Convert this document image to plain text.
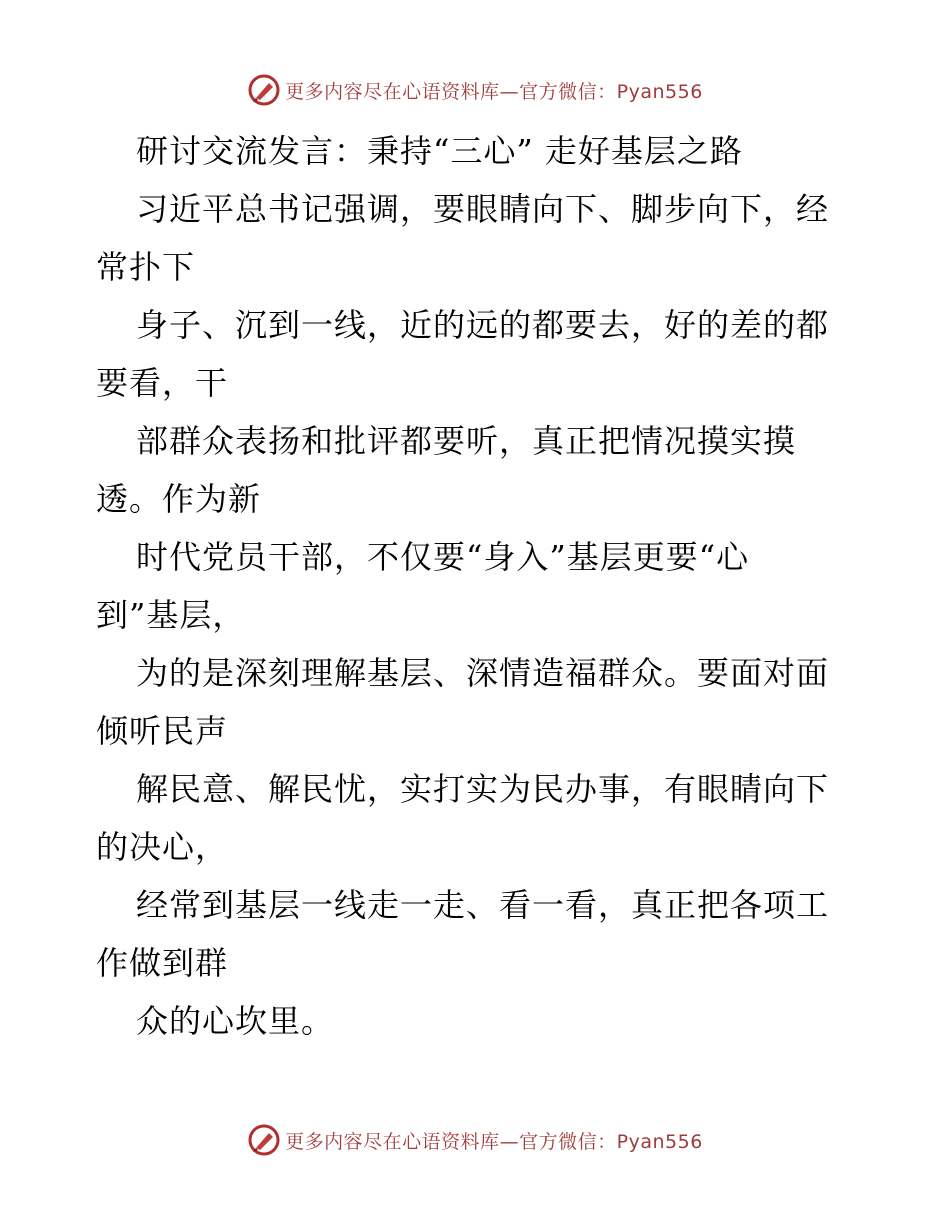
更多内容尽在心语资料库—官方微信：Pyan556
研讨交流发言：秉持“三心” 走好基层之路
习近平总书记强调，要眼睛向下、脚步向下，经
常扑下
身子、沉到一线，近的远的都要去，好的差的都
要看，干
部群众表扬和批评都要听，真正把情况摸实摸
透。作为新
时代党员干部，不仅要“身入”基层更要“心
到”基层，
为的是深刻理解基层、深情造福群众。要面对面
倾听民声
解民意、解民忧，实打实为民办事，有眼睛向下
的决心，
经常到基层一线走一走、看一看，真正把各项工
作做到群
众的心坎里。
更多内容尽在心语资料库—官方微信：Pyan556
